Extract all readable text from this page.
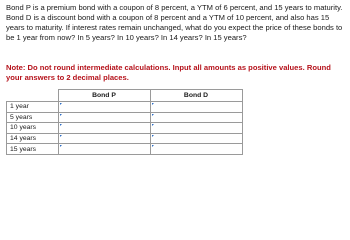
Bond P is a premium bond with a coupon of 8 percent, a YTM of 6 percent, and 15 years to maturity. Bond D is a discount bond with a coupon of 8 percent and a YTM of 10 percent, and also has 15 years to maturity. If interest rates remain unchanged, what do you expect the price of these bonds to be 1 year from now? In 5 years? In 10 years? In 14 years? In 15 years?

Note: Do not round intermediate calculations. Input all amounts as positive values. Round your answers to 2 decimal places.

	Bond P	Bond D
1 year		
5 years		
10 years		
14 years		
15 years		
